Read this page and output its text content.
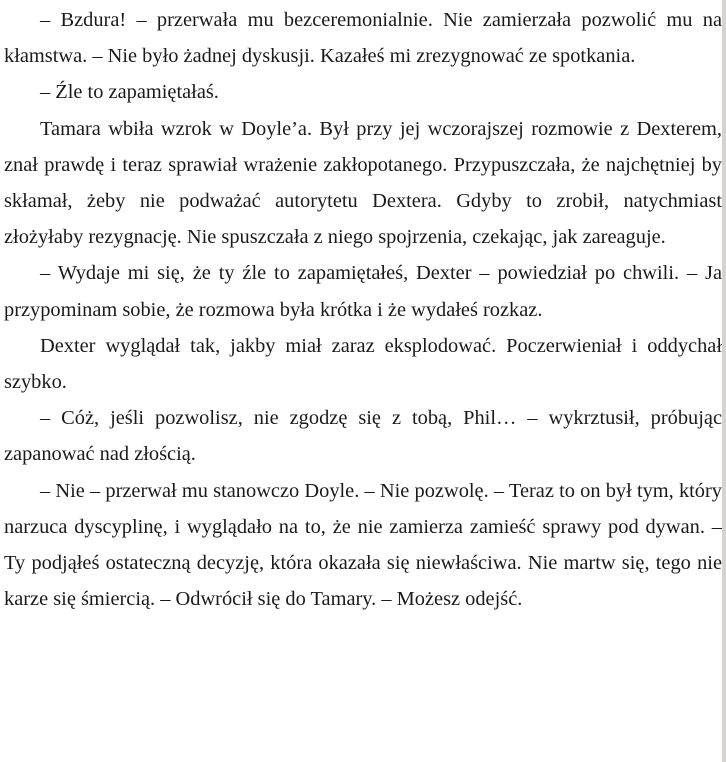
– Bzdura! – przerwała mu bezceremonialnie. Nie zamierzała pozwolić mu na kłamstwa. – Nie było żadnej dyskusji. Kazałeś mi zrezygnować ze spotkania.

– Źle to zapamiętałaś.

Tamara wbiła wzrok w Doyle’a. Był przy jej wczorajszej rozmowie z Dexterem, znał prawdę i teraz sprawiał wrażenie zakłopotanego. Przypuszczała, że najchętniej by skłamał, żeby nie podważać autorytetu Dextera. Gdyby to zrobił, natychmiast złożyłaby rezygnację. Nie spuszczała z niego spojrzenia, czekając, jak zareaguje.

– Wydaje mi się, że ty źle to zapamiętałeś, Dexter – powiedział po chwili. – Ja przypominam sobie, że rozmowa była krótka i że wydałeś rozkaz.

Dexter wyglądał tak, jakby miał zaraz eksplodować. Poczerwieniał i oddychał szybko.

– Cóż, jeśli pozwolisz, nie zgodzę się z tobą, Phil… – wykrztusił, próbując zapanować nad złością.

– Nie – przerwał mu stanowczo Doyle. – Nie pozwolę. – Teraz to on był tym, który narzuca dyscyplinę, i wyglądało na to, że nie zamierza zamieść sprawy pod dywan. – Ty podjąłeś ostateczną decyzję, która okazała się niewłaściwa. Nie martw się, tego nie karze się śmiercią. – Odwrócił się do Tamary. – Możesz odejść.
